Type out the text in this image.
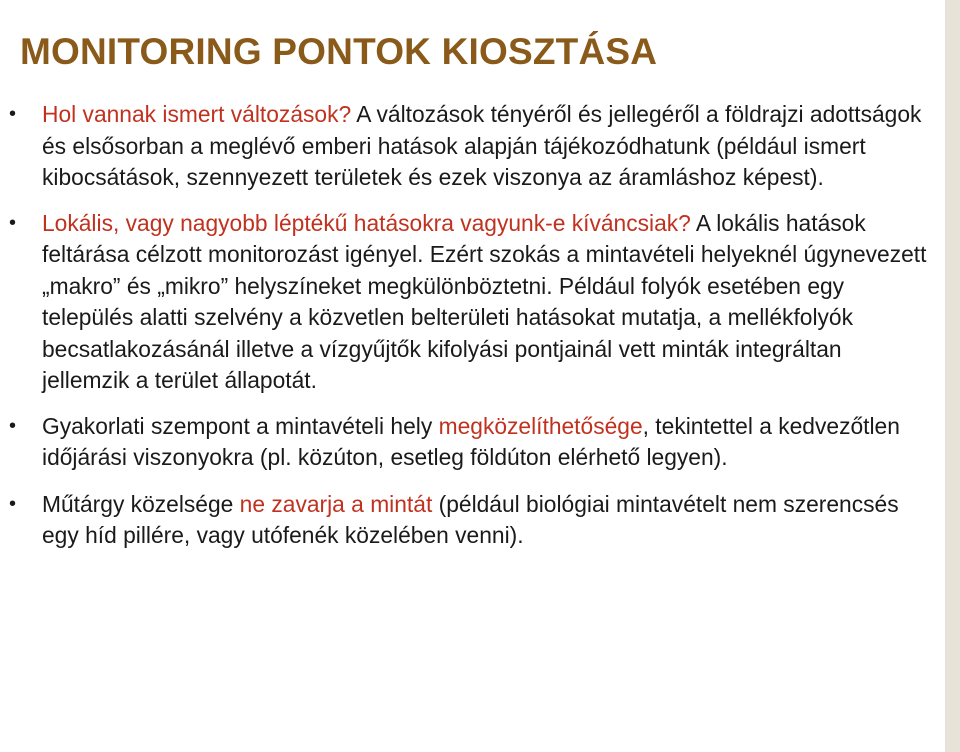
MONITORING PONTOK KIOSZTÁSA
• Hol vannak ismert változások? A változások tényéről és jellegéről a földrajzi adottságok és elsősorban a meglévő emberi hatások alapján tájékozódhatunk (például ismert kibocsátások, szennyezett területek és ezek viszonya az áramláshoz képest).
• Lokális, vagy nagyobb léptékű hatásokra vagyunk-e kíváncsiak? A lokális hatások feltárása célzott monitorozást igényel. Ezért szokás a mintavételi helyeknél úgynevezett „makro” és „mikro” helyszíneket megkülönböztetni. Például folyók esetében egy település alatti szelvény a közvetlen belterületi hatásokat mutatja, a mellékfolyók becsatlakozásánál illetve a vízgyűjtők kifolyási pontjainál vett minták integráltan jellemzik a terület állapotát.
• Gyakorlati szempont a mintavételi hely megközelíthetősége, tekintettel a kedvezőtlen időjárási viszonyokra (pl. közúton, esetleg földúton elérhető legyen).
• Műtárgy közelsége ne zavarja a mintát (például biológiai mintavételt nem szerencsés egy híd pillére, vagy utófenék közelében venni).
